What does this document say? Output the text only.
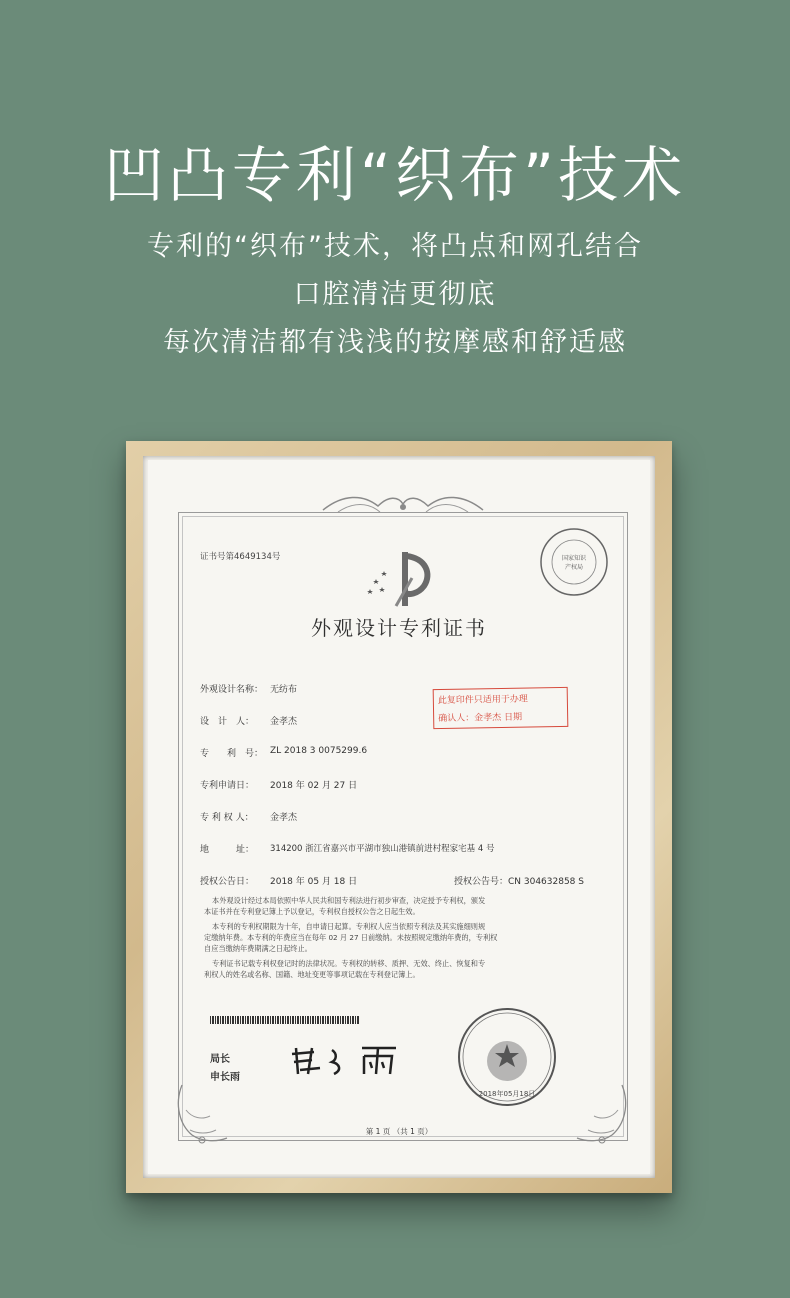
凹凸专利“织布”技术
专利的“织布”技术，将凸点和网孔结合
口腔清洁更彻底
每次清洁都有浅浅的按摩感和舒适感
证书号第4649134号	国家知识
产权局
外观设计专利证书
外观设计名称： 无纺布
设　计　人： 金孝杰
专　　利　号： ZL 2018 3 0075299.6
专利申请日： 2018 年 02 月 27 日
专 利 权 人： 金孝杰
地　　　址： 314200 浙江省嘉兴市平湖市独山港镇前进村程家宅基 4 号
授权公告日： 2018 年 05 月 18 日	授权公告号：CN 304632858 S
此复印件只适用于办理
确认人：金孝杰 日期
本外观设计经过本局依照中华人民共和国专利法进行初步审查，决定授予专利权，颁发
本证书并在专利登记簿上予以登记，专利权自授权公告之日起生效。
本专利的专利权期限为十年，自申请日起算。专利权人应当依照专利法及其实施细则规
定缴纳年费。本专利的年费应当在每年 02 月 27 日前缴纳。未按照规定缴纳年费的，专利权
自应当缴纳年费期满之日起终止。
专利证书记载专利权登记时的法律状况。专利权的转移、质押、无效、终止、恢复和专
利权人的姓名或名称、国籍、地址变更等事项记载在专利登记簿上。
局长
申长雨
2018年05月18日
第 1 页 （共 1 页）
